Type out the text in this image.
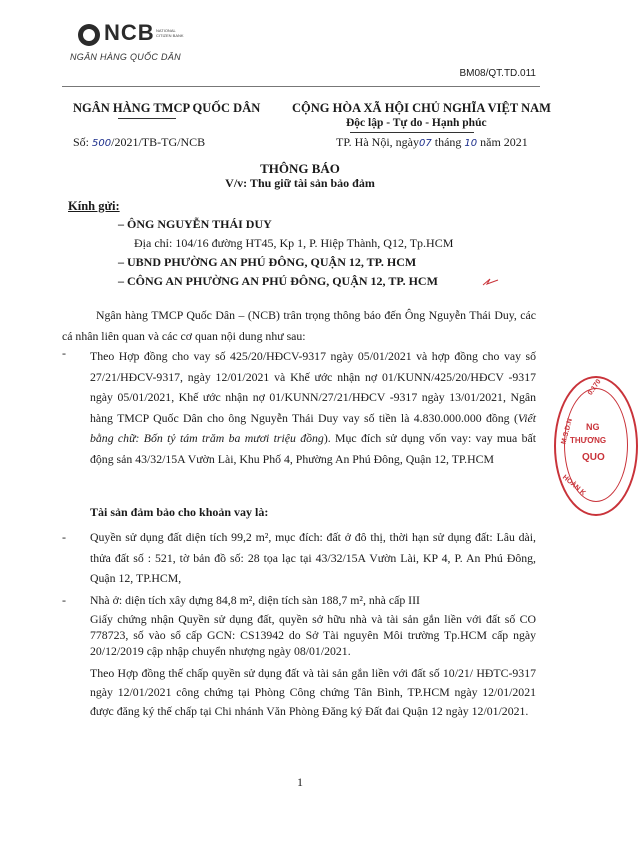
NCB NATIONAL CITIZEN BANK
NGÂN HÀNG QUỐC DÂN
BM08/QT.TD.011
NGÂN HÀNG TMCP QUỐC DÂN	CỘNG HÒA XÃ HỘI CHỦ NGHĨA VIỆT NAM
Độc lập - Tự do - Hạnh phúc
Số: 500/2021/TB-TG/NCB	TP. Hà Nội, ngày07 tháng 10 năm 2021
THÔNG BÁO
V/v: Thu giữ tài sản bảo đảm
Kính gửi:
– ÔNG NGUYỄN THÁI DUY
Địa chỉ: 104/16 đường HT45, Kp 1, P. Hiệp Thành, Q12, Tp.HCM
– UBND PHƯỜNG AN PHÚ ĐÔNG, QUẬN 12, TP. HCM
– CÔNG AN PHƯỜNG AN PHÚ ĐÔNG, QUẬN 12, TP. HCM
Ngân hàng TMCP Quốc Dân – (NCB) trân trọng thông báo đến Ông Nguyễn Thái Duy, các cá nhân liên quan và các cơ quan nội dung như sau:
- Theo Hợp đồng cho vay số 425/20/HĐCV-9317 ngày 05/01/2021 và hợp đồng cho vay số 27/21/HĐCV-9317, ngày 12/01/2021 và Khế ước nhận nợ 01/KUNN/425/20/HĐCV -9317 ngày 05/01/2021, Khế ước nhận nợ 01/KUNN/27/21/HĐCV -9317 ngày 13/01/2021, Ngân hàng TMCP Quốc Dân cho ông Nguyễn Thái Duy vay số tiền là 4.830.000.000 đồng (Viết bằng chữ: Bốn tỷ tám trăm ba mươi triệu đồng). Mục đích sử dụng vốn vay: vay mua bất động sản 43/32/15A Vườn Lài, Khu Phố 4, Phường An Phú Đông, Quận 12, TP.HCM
Tài sản đảm bảo cho khoản vay là:
- Quyền sử dụng đất diện tích 99,2 m², mục đích: đất ở đô thị, thời hạn sử dụng đất: Lâu dài, thửa đất số : 521, tờ bản đồ số: 28 tọa lạc tại 43/32/15A Vườn Lài, KP 4, P. An Phú Đông, Quận 12, TP.HCM,
- Nhà ở: diện tích xây dựng 84,8 m², diện tích sàn 188,7 m², nhà cấp III
Giấy chứng nhận Quyền sử dụng đất, quyền sở hữu nhà và tài sản gắn liền với đất số CO 778723, số vào sổ cấp GCN: CS13942 do Sở Tài nguyên Môi trường Tp.HCM cấp ngày 20/12/2019 cập nhập chuyển nhượng ngày 08/01/2021.
Theo Hợp đồng thế chấp quyền sử dụng đất và tài sản gắn liền với đất số 10/21/ HĐTC-9317 ngày 12/01/2021 công chứng tại Phòng Công chứng Tân Bình, TP.HCM ngày 12/01/2021 được đăng ký thế chấp tại Chi nhánh Văn Phòng Đăng ký Đất đai Quận 12 ngày 12/01/2021.
1
0.170
M.S.D.N NG
THƯƠNG
QUO
HOÀN K
